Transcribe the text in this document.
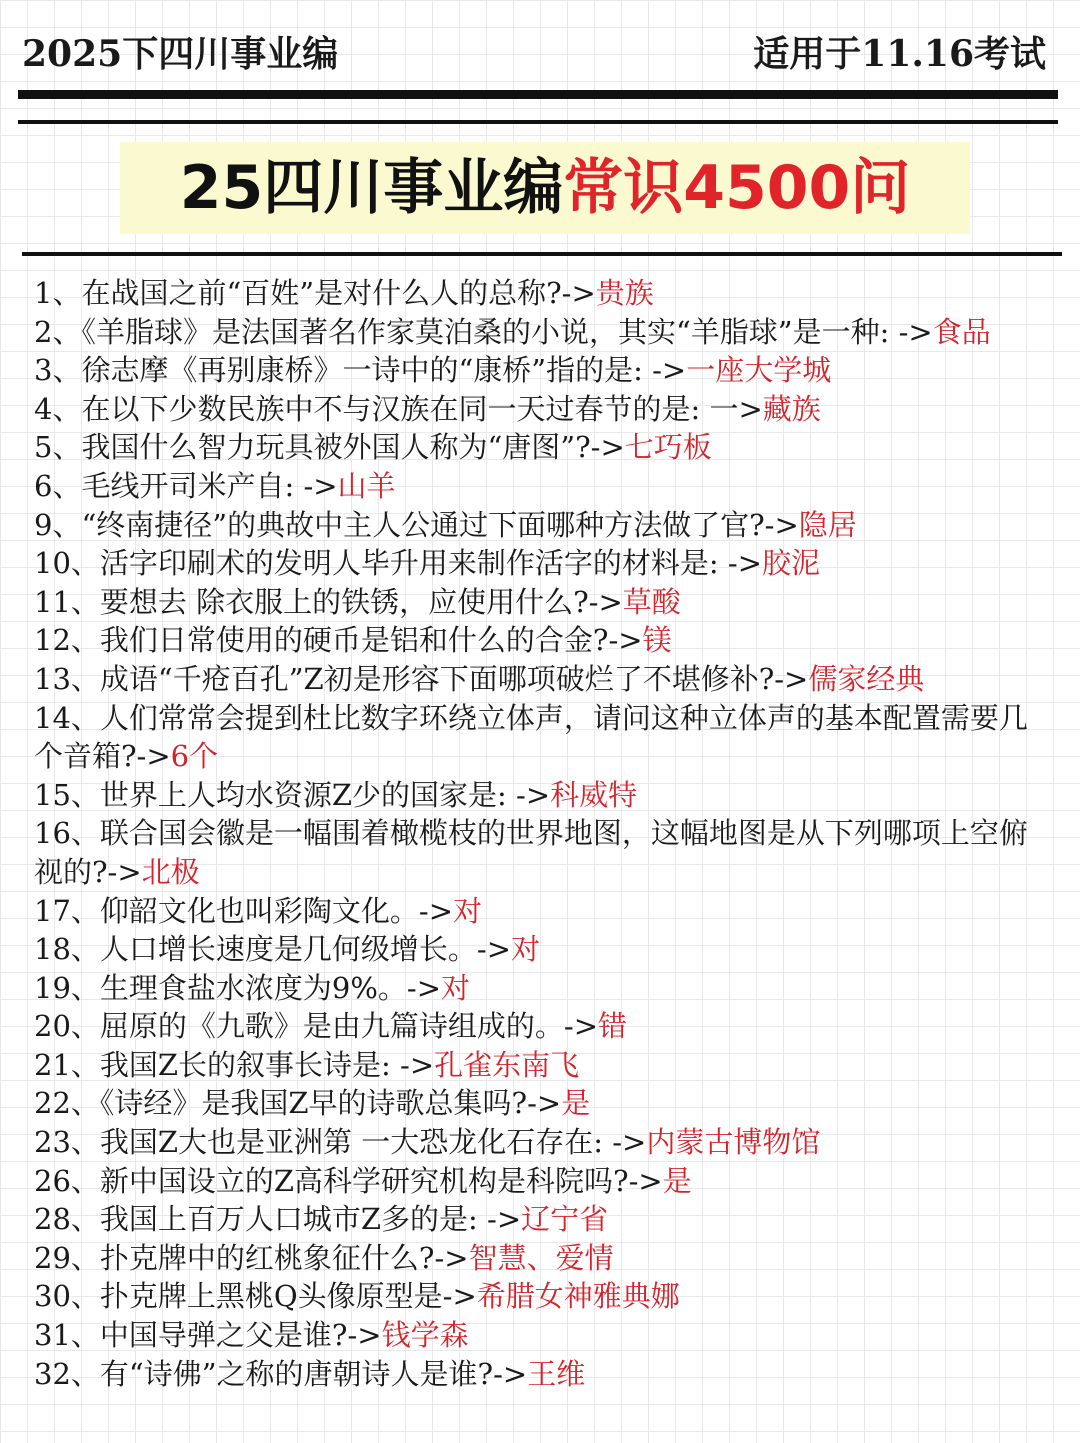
2025下四川事业编	适用于11.16考试
25四川事业编常识4500问
1、在战国之前“百姓”是对什么人的总称?->贵族
2、《羊脂球》是法国著名作家莫泊桑的小说，其实“羊脂球”是一种: ->食品
3、徐志摩《再别康桥》一诗中的“康桥”指的是: ->一座大学城
4、在以下少数民族中不与汉族在同一天过春节的是: 一>藏族
5、我国什么智力玩具被外国人称为“唐图”?->七巧板
6、毛线开司米产自: ->山羊
9、“终南捷径”的典故中主人公通过下面哪种方法做了官?->隐居
10、活字印刷术的发明人毕升用来制作活字的材料是: ->胶泥
11、要想去 除衣服上的铁锈，应使用什么?->草酸
12、我们日常使用的硬币是铝和什么的合金?->镁
13、成语“千疮百孔”Z初是形容下面哪项破烂了不堪修补?->儒家经典
14、人们常常会提到杜比数字环绕立体声，请问这种立体声的基本配置需要几个音箱?->6个
15、世界上人均水资源Z少的国家是: ->科威特
16、联合国会徽是一幅围着橄榄枝的世界地图，这幅地图是从下列哪项上空俯视的?->北极
17、仰韶文化也叫彩陶文化。->对
18、人口增长速度是几何级增长。->对
19、生理食盐水浓度为9%。->对
20、屈原的《九歌》是由九篇诗组成的。->错
21、我国Z长的叙事长诗是: ->孔雀东南飞
22、《诗经》是我国Z早的诗歌总集吗?->是
23、我国Z大也是亚洲第 一大恐龙化石存在: ->内蒙古博物馆
26、新中国设立的Z高科学研究机构是科院吗?->是
28、我国上百万人口城市Z多的是: ->辽宁省
29、扑克牌中的红桃象征什么?->智慧、爱情
30、扑克牌上黑桃Q头像原型是->希腊女神雅典娜
31、中国导弹之父是谁?->钱学森
32、有“诗佛”之称的唐朝诗人是谁?->王维
